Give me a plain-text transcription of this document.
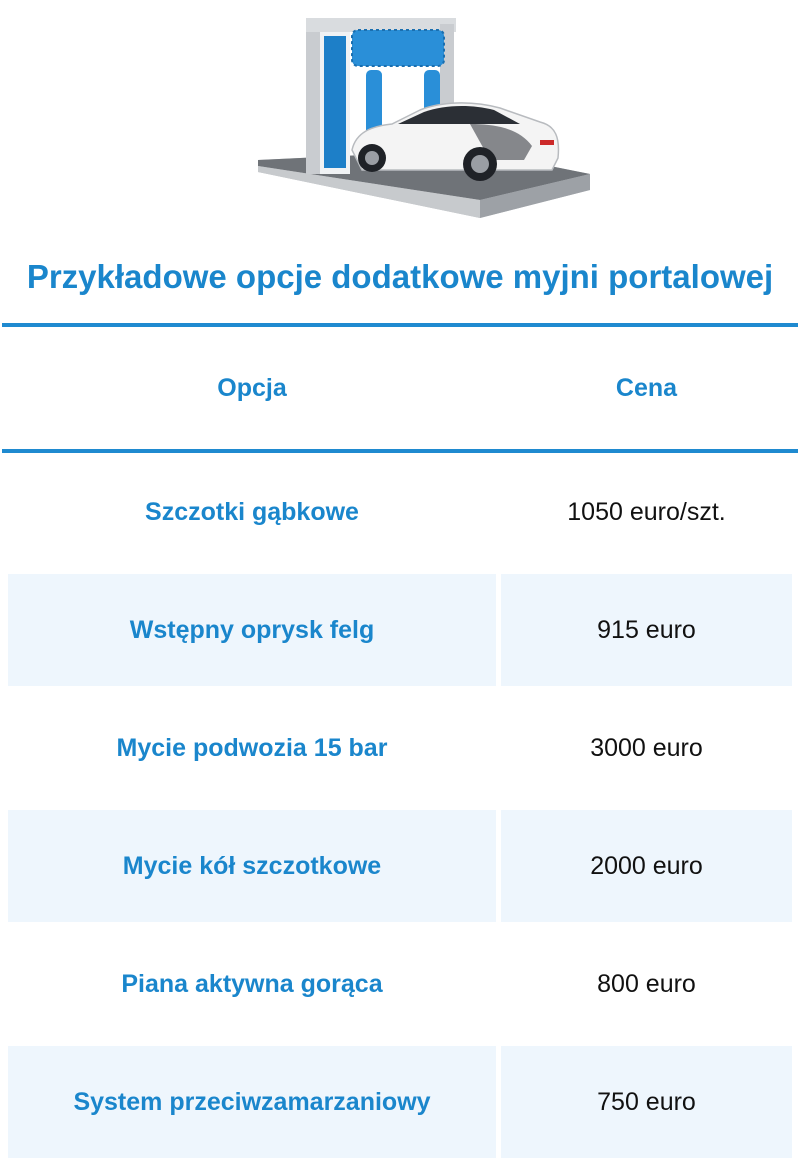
Przykładowe opcje dodatkowe myjni portalowej
Opcja	Cena
Szczotki gąbkowe	1050 euro/szt.
Wstępny oprysk felg	915 euro
Mycie podwozia 15 bar	3000 euro
Mycie kół szczotkowe	2000 euro
Piana aktywna gorąca	800 euro
System przeciwzamarzaniowy	750 euro
